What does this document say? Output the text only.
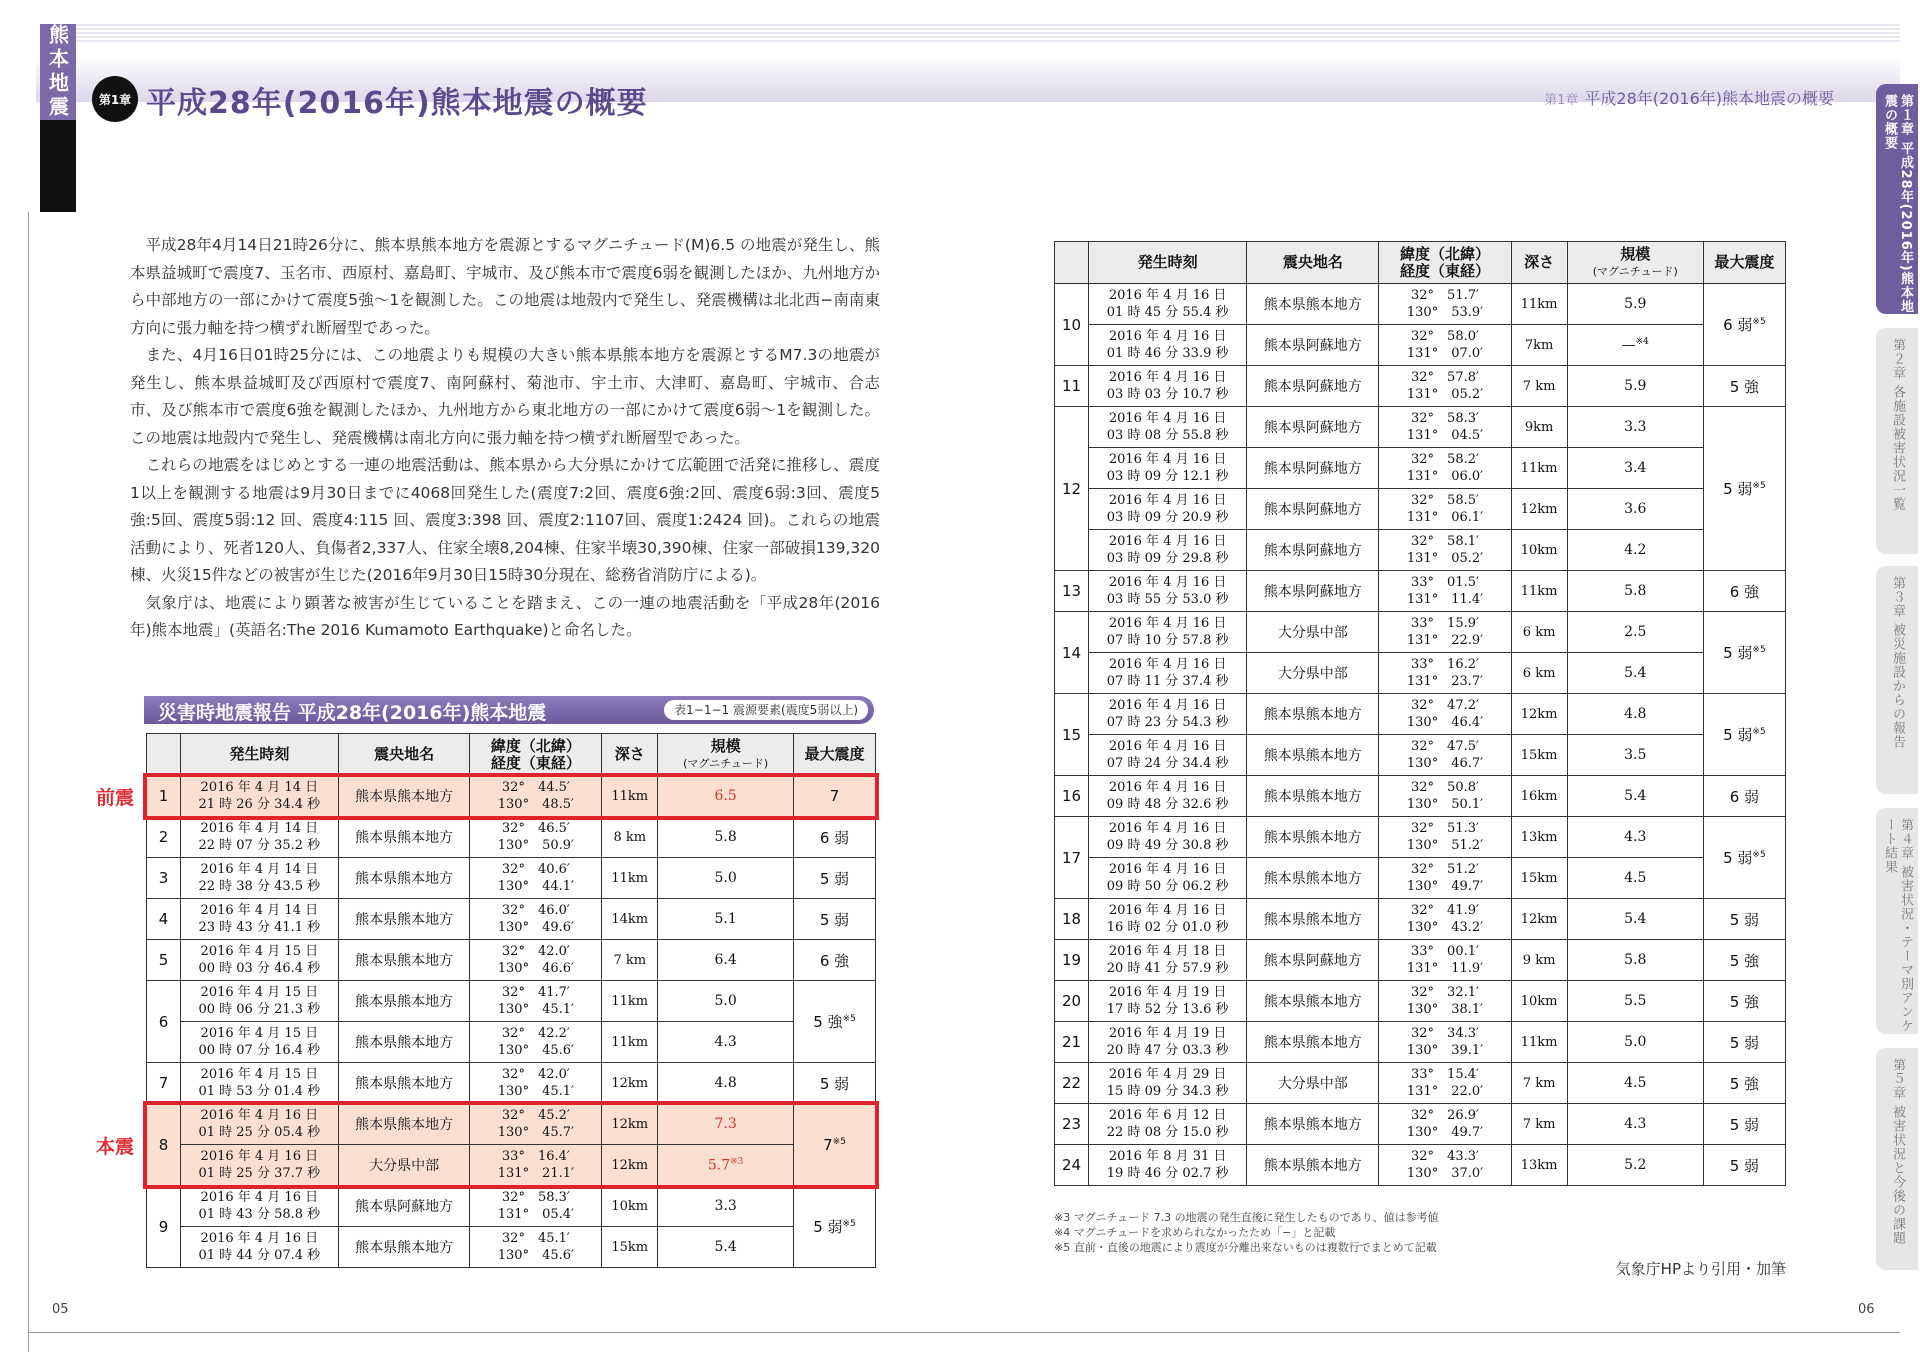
熊本地震	第1章 平成28年(2016年)熊本地震の概要	第1章 平成28年(2016年)熊本地震の概要	第１章 平成28年(2016年)熊本地震の概要
第２章 各施設被害状況一覧
第３章 被災施設からの報告
第４章 被害状況・テーマ別アンケート結果
第５章 被害状況と今後の課題

平成28年4月14日21時26分に、熊本県熊本地方を震源とするマグニチュード(M)6.5 の地震が発生し、熊本県益城町で震度7、玉名市、西原村、嘉島町、宇城市、及び熊本市で震度6弱を観測したほか、九州地方から中部地方の一部にかけて震度5強〜1を観測した。この地震は地殻内で発生し、発震機構は北北西−南南東方向に張力軸を持つ横ずれ断層型であった。

また、4月16日01時25分には、この地震よりも規模の大きい熊本県熊本地方を震源とするM7.3の地震が発生し、熊本県益城町及び西原村で震度7、南阿蘇村、菊池市、宇土市、大津町、嘉島町、宇城市、合志市、及び熊本市で震度6強を観測したほか、九州地方から東北地方の一部にかけて震度6弱〜1を観測した。この地震は地殻内で発生し、発震機構は南北方向に張力軸を持つ横ずれ断層型であった。

これらの地震をはじめとする一連の地震活動は、熊本県から大分県にかけて広範囲で活発に推移し、震度1以上を観測する地震は9月30日までに4068回発生した(震度7:2回、震度6強:2回、震度6弱:3回、震度5強:5回、震度5弱:12 回、震度4:115 回、震度3:398 回、震度2:1107回、震度1:2424 回)。これらの地震活動により、死者120人、負傷者2,337人、住家全壊8,204棟、住家半壊30,390棟、住家一部破損139,320棟、火災15件などの被害が生じた(2016年9月30日15時30分現在、総務省消防庁による)。

気象庁は、地震により顕著な被害が生じていることを踏まえ、この一連の地震活動を「平成28年(2016年)熊本地震」(英語名:The 2016 Kumamoto Earthquake)と命名した。

災害時地震報告 平成28年(2016年)熊本地震	表1−1−1 震源要素(震度5弱以上)
	発生時刻	震央地名	緯度（北緯）
経度（東経）	深さ	規模
(マグニチュード)	最大震度
1	2016 年 4 月 14 日
21 時 26 分 34.4 秒	熊本県熊本地方	32°　44.5′
130°　48.5′	11km	6.5	7
2	2016 年 4 月 14 日
22 時 07 分 35.2 秒	熊本県熊本地方	32°　46.5′
130°　50.9′	8 km	5.8	6 弱
3	2016 年 4 月 14 日
22 時 38 分 43.5 秒	熊本県熊本地方	32°　40.6′
130°　44.1′	11km	5.0	5 弱
4	2016 年 4 月 14 日
23 時 43 分 41.1 秒	熊本県熊本地方	32°　46.0′
130°　49.6′	14km	5.1	5 弱
5	2016 年 4 月 15 日
00 時 03 分 46.4 秒	熊本県熊本地方	32°　42.0′
130°　46.6′	7 km	6.4	6 強
6	2016 年 4 月 15 日
00 時 06 分 21.3 秒	熊本県熊本地方	32°　41.7′
130°　45.1′	11km	5.0	5 強$^{※5}$
	2016 年 4 月 15 日
00 時 07 分 16.4 秒	熊本県熊本地方	32°　42.2′
130°　45.6′	11km	4.3	
7	2016 年 4 月 15 日
01 時 53 分 01.4 秒	熊本県熊本地方	32°　42.0′
130°　45.1′	12km	4.8	5 弱
8	2016 年 4 月 16 日
01 時 25 分 05.4 秒	熊本県熊本地方	32°　45.2′
130°　45.7′	12km	7.3	7$^{※5}$
	2016 年 4 月 16 日
01 時 25 分 37.7 秒	大分県中部	33°　16.4′
131°　21.1′	12km	5.7$^{※3}$
9	2016 年 4 月 16 日
01 時 43 分 58.8 秒	熊本県阿蘇地方	32°　58.3′
131°　05.4′	10km	3.3	5 弱$^{※5}$
	2016 年 4 月 16 日
01 時 44 分 07.4 秒	熊本県熊本地方	32°　45.1′
130°　45.6′	15km	5.4	
	発生時刻	震央地名	緯度（北緯）
経度（東経）	深さ	規模
(マグニチュード)	最大震度
10	2016 年 4 月 16 日
01 時 45 分 55.4 秒	熊本県熊本地方	32°　51.7′
130°　53.9′	11km	5.9	6 弱$^{※5}$
	2016 年 4 月 16 日
01 時 46 分 33.9 秒	熊本県阿蘇地方	32°　58.0′
131°　07.0′	7km	—$^{※4}$
11	2016 年 4 月 16 日
03 時 03 分 10.7 秒	熊本県阿蘇地方	32°　57.8′
131°　05.2′	7 km	5.9	5 強
12	2016 年 4 月 16 日
03 時 08 分 55.8 秒	熊本県阿蘇地方	32°　58.3′
131°　04.5′	9km	3.3	5 弱$^{※5}$
	2016 年 4 月 16 日
03 時 09 分 12.1 秒	熊本県阿蘇地方	32°　58.2′
131°　06.0′	11km	3.4	
	2016 年 4 月 16 日
03 時 09 分 20.9 秒	熊本県阿蘇地方	32°　58.5′
131°　06.1′	12km	3.6	
	2016 年 4 月 16 日
03 時 09 分 29.8 秒	熊本県阿蘇地方	32°　58.1′
131°　05.2′	10km	4.2	
13	2016 年 4 月 16 日
03 時 55 分 53.0 秒	熊本県阿蘇地方	33°　01.5′
131°　11.4′	11km	5.8	6 強
14	2016 年 4 月 16 日
07 時 10 分 57.8 秒	大分県中部	33°　15.9′
131°　22.9′	6 km	2.5	5 弱$^{※5}$
	2016 年 4 月 16 日
07 時 11 分 37.4 秒	大分県中部	33°　16.2′
131°　23.7′	6 km	5.4	
15	2016 年 4 月 16 日
07 時 23 分 54.3 秒	熊本県熊本地方	32°　47.2′
130°　46.4′	12km	4.8	5 弱$^{※5}$
	2016 年 4 月 16 日
07 時 24 分 34.4 秒	熊本県熊本地方	32°　47.5′
130°　46.7′	15km	3.5	
16	2016 年 4 月 16 日
09 時 48 分 32.6 秒	熊本県熊本地方	32°　50.8′
130°　50.1′	16km	5.4	6 弱
17	2016 年 4 月 16 日
09 時 49 分 30.8 秒	熊本県熊本地方	32°　51.3′
130°　51.2′	13km	4.3	5 弱$^{※5}$
	2016 年 4 月 16 日
09 時 50 分 06.2 秒	熊本県熊本地方	32°　51.2′
130°　49.7′	15km	4.5	
18	2016 年 4 月 16 日
16 時 02 分 01.0 秒	熊本県熊本地方	32°　41.9′
130°　43.2′	12km	5.4	5 弱
19	2016 年 4 月 18 日
20 時 41 分 57.9 秒	熊本県阿蘇地方	33°　00.1′
131°　11.9′	9 km	5.8	5 強
20	2016 年 4 月 19 日
17 時 52 分 13.6 秒	熊本県熊本地方	32°　32.1′
130°　38.1′	10km	5.5	5 強
21	2016 年 4 月 19 日
20 時 47 分 03.3 秒	熊本県熊本地方	32°　34.3′
130°　39.1′	11km	5.0	5 弱
22	2016 年 4 月 29 日
15 時 09 分 34.3 秒	大分県中部	33°　15.4′
131°　22.0′	7 km	4.5	5 強
23	2016 年 6 月 12 日
22 時 08 分 15.0 秒	熊本県熊本地方	32°　26.9′
130°　49.7′	7 km	4.3	5 弱
24	2016 年 8 月 31 日
19 時 46 分 02.7 秒	熊本県熊本地方	32°　43.3′
130°　37.0′	13km	5.2	5 弱
前震
本震
※3 マグニチュード 7.3 の地震の発生直後に発生したものであり、値は参考値
※4 マグニチュードを求められなかったため「−」と記載
※5 直前・直後の地震により震度が分離出来ないものは複数行でまとめて記載
気象庁HPより引用・加筆
05	06
